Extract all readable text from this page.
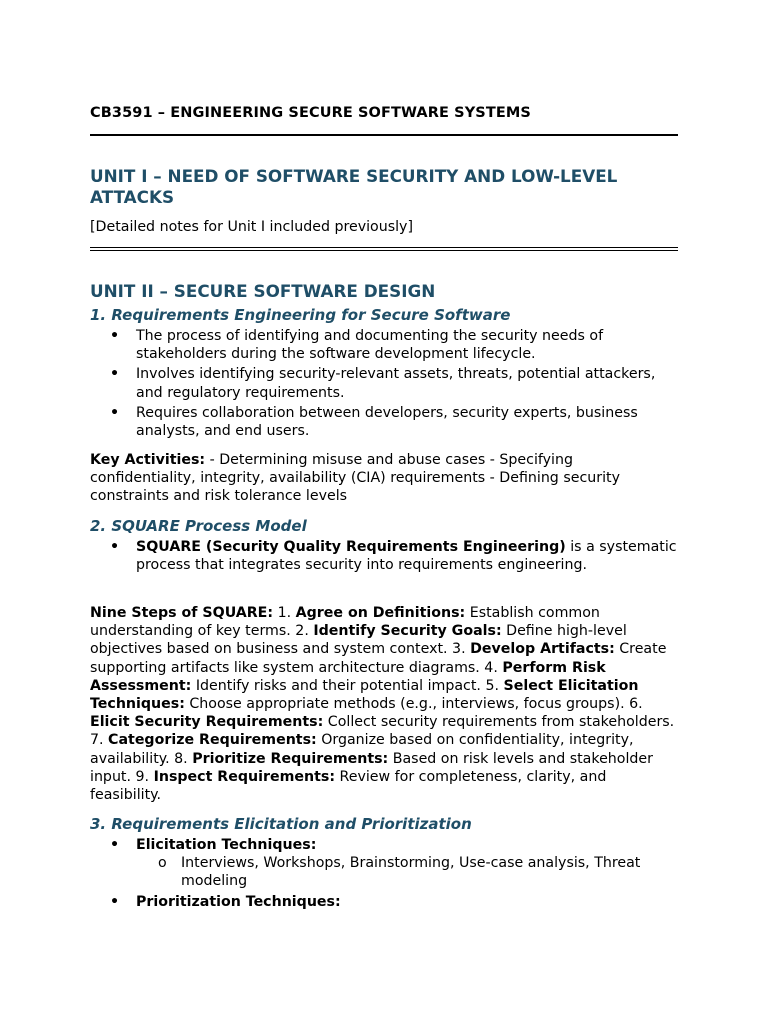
CB3591 – ENGINEERING SECURE SOFTWARE SYSTEMS
UNIT I – NEED OF SOFTWARE SECURITY AND LOW-LEVEL ATTACKS
[Detailed notes for Unit I included previously]
UNIT II – SECURE SOFTWARE DESIGN
1. Requirements Engineering for Secure Software
• The process of identifying and documenting the security needs of stakeholders during the software development lifecycle.
• Involves identifying security-relevant assets, threats, potential attackers, and regulatory requirements.
• Requires collaboration between developers, security experts, business analysts, and end users.
Key Activities: - Determining misuse and abuse cases - Specifying confidentiality, integrity, availability (CIA) requirements - Defining security constraints and risk tolerance levels
2. SQUARE Process Model
• SQUARE (Security Quality Requirements Engineering) is a systematic process that integrates security into requirements engineering.
Nine Steps of SQUARE: 1. Agree on Definitions: Establish common understanding of key terms. 2. Identify Security Goals: Define high-level objectives based on business and system context. 3. Develop Artifacts: Create supporting artifacts like system architecture diagrams. 4. Perform Risk Assessment: Identify risks and their potential impact. 5. Select Elicitation Techniques: Choose appropriate methods (e.g., interviews, focus groups). 6. Elicit Security Requirements: Collect security requirements from stakeholders. 7. Categorize Requirements: Organize based on confidentiality, integrity, availability. 8. Prioritize Requirements: Based on risk levels and stakeholder input. 9. Inspect Requirements: Review for completeness, clarity, and feasibility.
3. Requirements Elicitation and Prioritization
• Elicitation Techniques:
o Interviews, Workshops, Brainstorming, Use-case analysis, Threat modeling
• Prioritization Techniques:
